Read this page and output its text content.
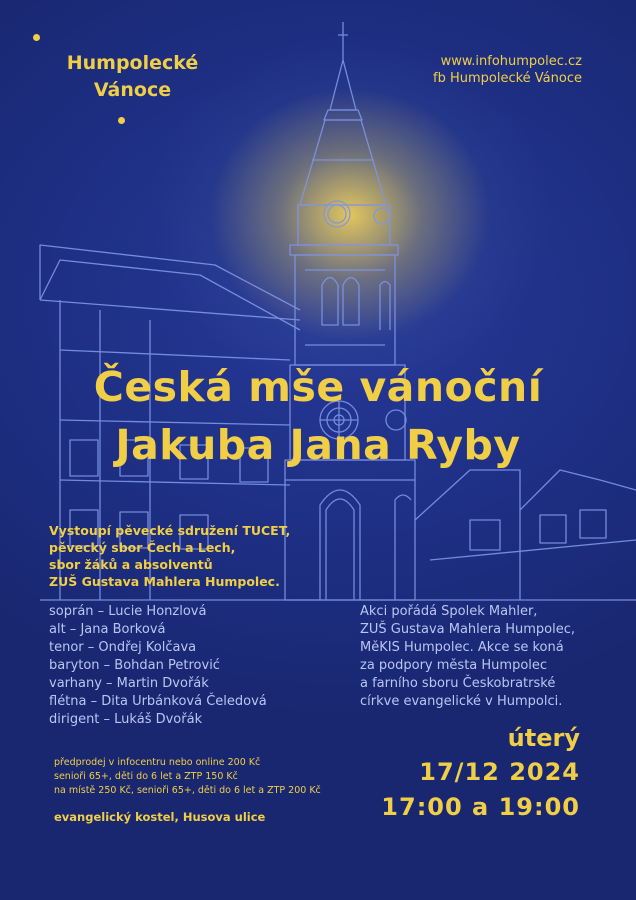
Humpolecké
Vánoce
www.infohumpolec.cz
fb Humpolecké Vánoce
Česká mše vánoční
Jakuba Jana Ryby
Vystoupí pěvecké sdružení TUCET,
pěvecký sbor Čech a Lech,
sbor žáků a absolventů
ZUŠ Gustava Mahlera Humpolec.
soprán – Lucie Honzlová
alt – Jana Borková
tenor – Ondřej Kolčava
baryton – Bohdan Petrović
varhany – Martin Dvořák
flétna – Dita Urbánková Čeledová
dirigent – Lukáš Dvořák
Akci pořádá Spolek Mahler,
ZUŠ Gustava Mahlera Humpolec,
MěKIS Humpolec. Akce se koná
za podpory města Humpolec
a farního sboru Českobratrské
církve evangelické v Humpolci.
předprodej v infocentru nebo online 200 Kč
senioři 65+, děti do 6 let a ZTP 150 Kč
na místě 250 Kč, senioři 65+, děti do 6 let a ZTP 200 Kč
evangelický kostel, Husova ulice
úterý
17/12 2024
17:00 a 19:00
